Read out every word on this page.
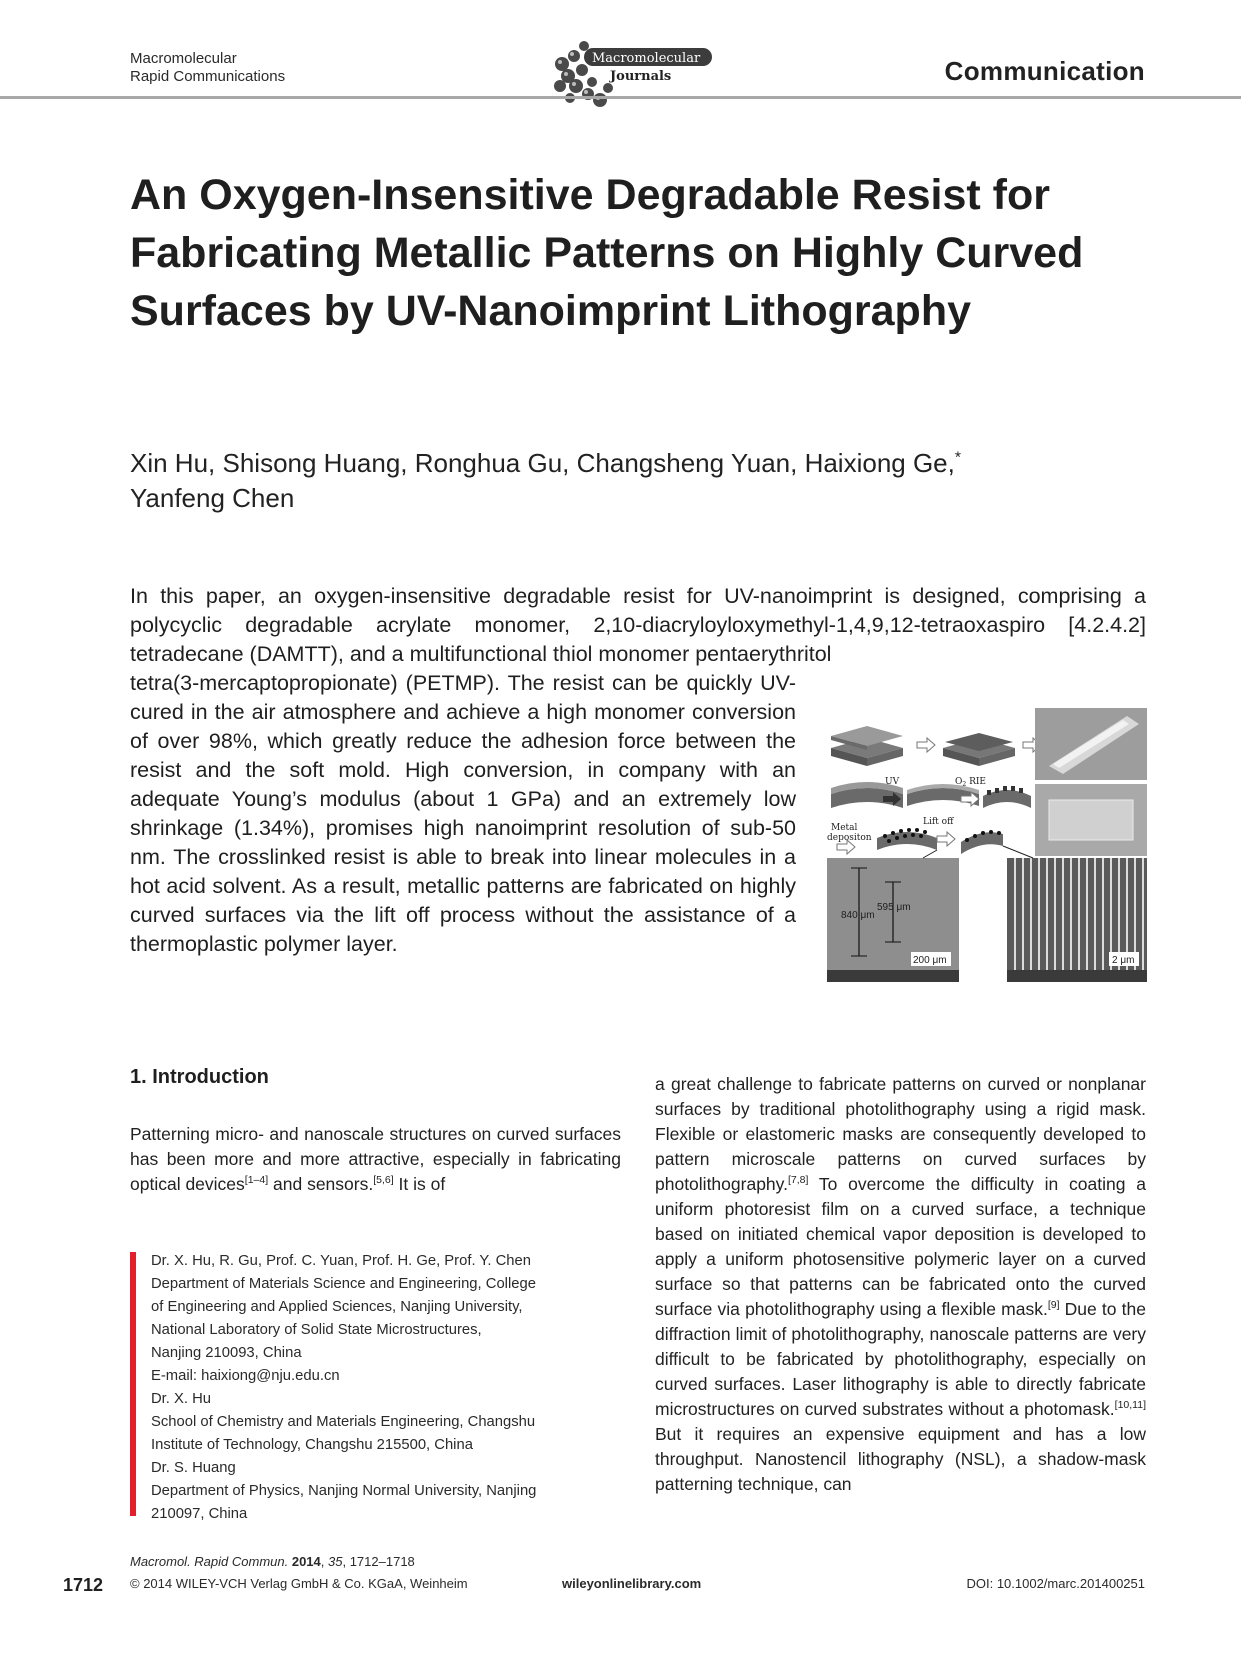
Macromolecular
Rapid Communications
Macromolecular
Journals	Communication
An Oxygen-Insensitive Degradable Resist for Fabricating Metallic Patterns on Highly Curved Surfaces by UV-Nanoimprint Lithography
Xin Hu, Shisong Huang, Ronghua Gu, Changsheng Yuan, Haixiong Ge,*
Yanfeng Chen
In this paper, an oxygen-insensitive degradable resist for UV-nanoimprint is designed, comprising a polycyclic degradable acrylate monomer, 2,10-diacryloyloxymethyl-1,4,9,12-tetraoxaspiro [4.2.4.2] tetradecane (DAMTT), and a multifunctional thiol monomer pentaerythritol
tetra(3-mercaptopropionate) (PETMP). The resist can be quickly UV-cured in the air atmosphere and achieve a high monomer conversion of over 98%, which greatly reduce the adhesion force between the resist and the soft mold. High conversion, in company with an adequate Young’s modulus (about 1 GPa) and an extremely low shrinkage (1.34%), promises high nanoimprint resolution of sub-50 nm. The crosslinked resist is able to break into linear molecules in a hot acid solvent. As a result, metallic patterns are fabricated on highly curved surfaces via the lift off process without the assistance of a thermoplastic polymer layer.
UV	$O_2$ RIE
Metal depositon
Lift off
840 μm
595 μm
200 μm	2 μm
1. Introduction
Patterning micro- and nanoscale structures on curved surfaces has been more and more attractive, especially in fabricating optical devices[1–4] and sensors.[5,6] It is of
a great challenge to fabricate patterns on curved or nonplanar surfaces by traditional photolithography using a rigid mask. Flexible or elastomeric masks are consequently developed to pattern microscale patterns on curved surfaces by photolithography.[7,8] To overcome the difficulty in coating a uniform photoresist film on a curved surface, a technique based on initiated chemical vapor deposition is developed to apply a uniform photosensitive polymeric layer on a curved surface so that patterns can be fabricated onto the curved surface via photolithography using a flexible mask.[9] Due to the diffraction limit of photolithography, nanoscale patterns are very difficult to be fabricated by photolithography, especially on curved surfaces. Laser lithography is able to directly fabricate microstructures on curved substrates without a photomask.[10,11] But it requires an expensive equipment and has a low throughput. Nanostencil lithography (NSL), a shadow-mask patterning technique, can
Dr. X. Hu, R. Gu, Prof. C. Yuan, Prof. H. Ge, Prof. Y. Chen
Department of Materials Science and Engineering, College
of Engineering and Applied Sciences, Nanjing University,
National Laboratory of Solid State Microstructures,
Nanjing 210093, China
E-mail: haixiong@nju.edu.cn
Dr. X. Hu
School of Chemistry and Materials Engineering, Changshu
Institute of Technology, Changshu 215500, China
Dr. S. Huang
Department of Physics, Nanjing Normal University, Nanjing
210097, China
1712
Macromol. Rapid Commun. 2014, 35, 1712–1718
© 2014 WILEY-VCH Verlag GmbH & Co. KGaA, Weinheim	wileyonlinelibrary.com	DOI: 10.1002/marc.201400251
